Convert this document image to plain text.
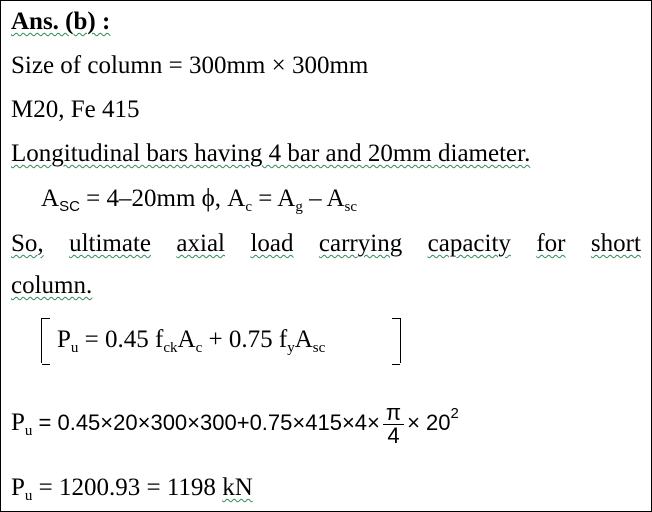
Ans. (b) :
Size of column = 300mm × 300mm
M20, Fe 415
Longitudinal bars having 4 bar and 20mm diameter.
$A_{SC} = 4-20mm$ ϕ, $A_c = A_g - A_{sc}$
So, ultimate axial load carrying capacity for short
column.
$P_u = 0.45$ $f_{ck}A_c + 0.75$ $f_yA_{sc}$
$P_u = 0.45\times 20\times 300\times 300+0.75\times 415\times 4\times \frac{\pi}{4} \times 20^2$
$P_u = 1200.93 = 1198$ kN
